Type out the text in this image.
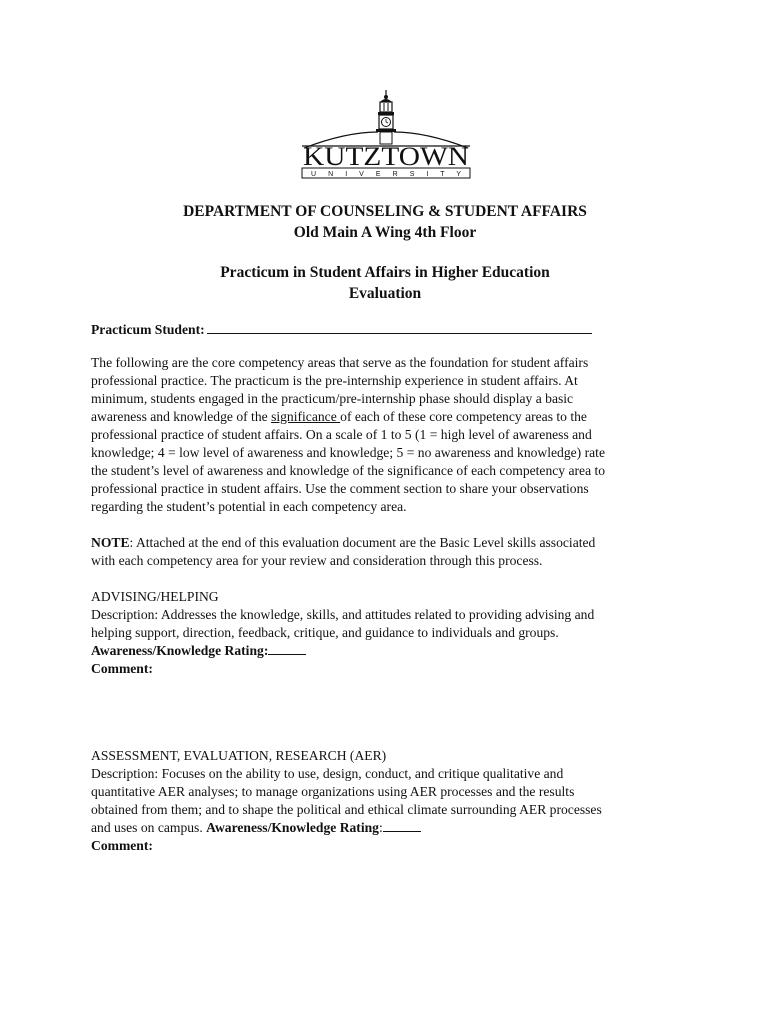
KUTZTOWN
U N I V E R S I T Y
DEPARTMENT OF COUNSELING & STUDENT AFFAIRS
Old Main A Wing 4th Floor
Practicum in Student Affairs in Higher Education
Evaluation
Practicum Student:
The following are the core competency areas that serve as the foundation for student affairs
professional practice. The practicum is the pre-internship experience in student affairs. At
minimum, students engaged in the practicum/pre-internship phase should display a basic
awareness and knowledge of the significance of each of these core competency areas to the
professional practice of student affairs. On a scale of 1 to 5 (1 = high level of awareness and
knowledge; 4 = low level of awareness and knowledge; 5 = no awareness and knowledge) rate
the student’s level of awareness and knowledge of the significance of each competency area to
professional practice in student affairs. Use the comment section to share your observations
regarding the student’s potential in each competency area.
NOTE: Attached at the end of this evaluation document are the Basic Level skills associated
with each competency area for your review and consideration through this process.
ADVISING/HELPING
Description: Addresses the knowledge, skills, and attitudes related to providing advising and
helping support, direction, feedback, critique, and guidance to individuals and groups.
Awareness/Knowledge Rating:
Comment:
ASSESSMENT, EVALUATION, RESEARCH (AER)
Description: Focuses on the ability to use, design, conduct, and critique qualitative and
quantitative AER analyses; to manage organizations using AER processes and the results
obtained from them; and to shape the political and ethical climate surrounding AER processes
and uses on campus. Awareness/Knowledge Rating:
Comment:
